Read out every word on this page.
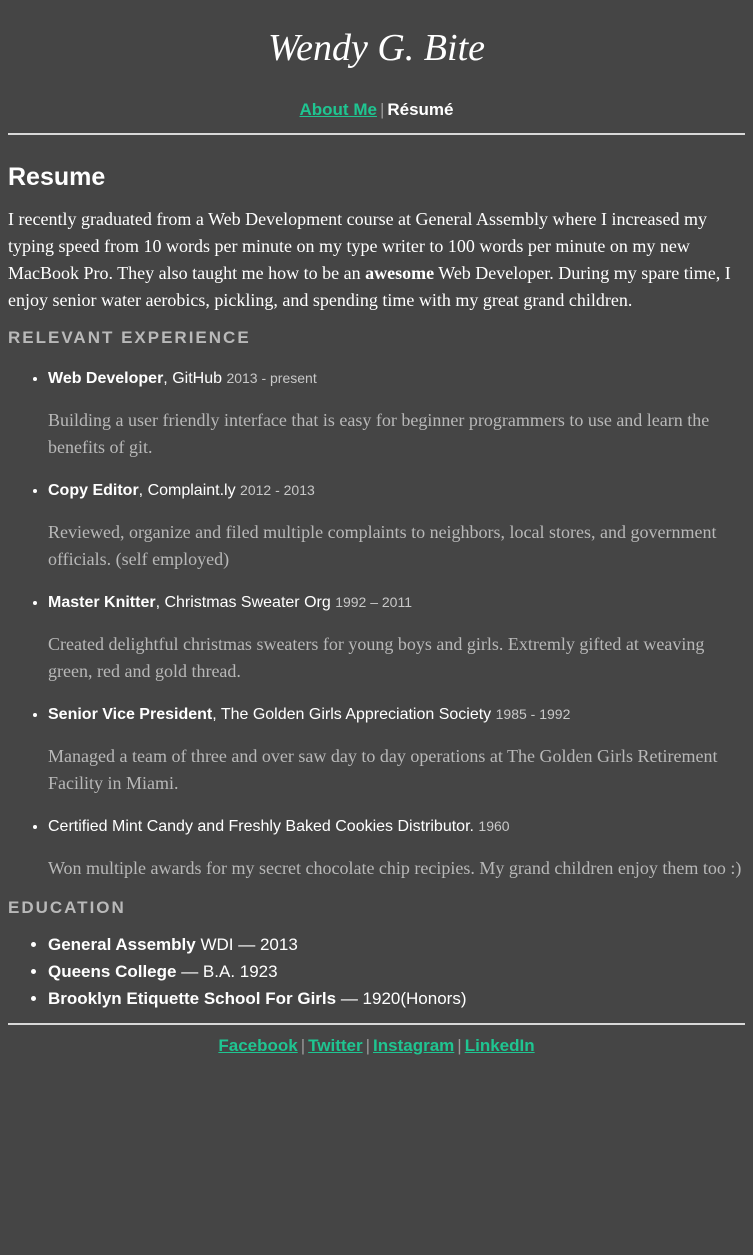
Wendy G. Bite
About Me | Résumé
Resume

I recently graduated from a Web Development course at General Assembly where I increased my typing speed from 10 words per minute on my type writer to 100 words per minute on my new MacBook Pro. They also taught me how to be an awesome Web Developer. During my spare time, I enjoy senior water aerobics, pickling, and spending time with my great grand children.

RELEVANT EXPERIENCE
• Web Developer, GitHub 2013 - present

Building a user friendly interface that is easy for beginner programmers to use and learn the benefits of git.

• Copy Editor, Complaint.ly 2012 - 2013

Reviewed, organize and filed multiple complaints to neighbors, local stores, and government officials. (self employed)

• Master Knitter, Christmas Sweater Org 1992 – 2011

Created delightful christmas sweaters for young boys and girls. Extremly gifted at weaving green, red and gold thread.

• Senior Vice President, The Golden Girls Appreciation Society 1985 - 1992

Managed a team of three and over saw day to day operations at The Golden Girls Retirement Facility in Miami.

• Certified Mint Candy and Freshly Baked Cookies Distributor. 1960

Won multiple awards for my secret chocolate chip recipies. My grand children enjoy them too :)

EDUCATION
• General Assembly WDI — 2013
• Queens College — B.A. 1923
• Brooklyn Etiquette School For Girls — 1920(Honors)
Facebook | Twitter | Instagram | LinkedIn
